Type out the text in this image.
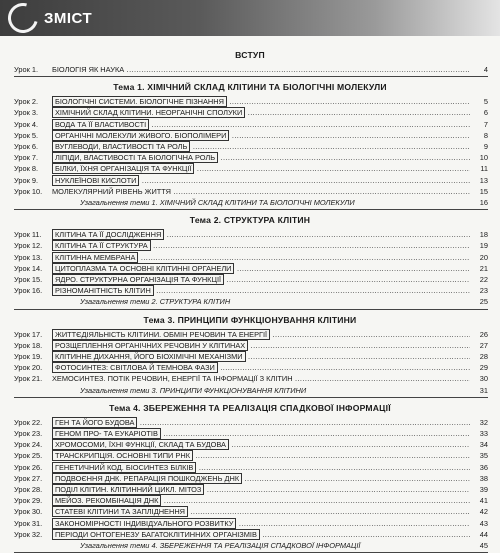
ЗМІСТ
ВСТУП
Урок 1.	БІОЛОГІЯ ЯК НАУКА .....	4
Тема 1. ХІМІЧНИЙ СКЛАД КЛІТИНИ ТА БІОЛОГІЧНІ МОЛЕКУЛИ
Урок 2.	БІОЛОГІЧНІ СИСТЕМИ. БІОЛОГІЧНЕ ПІЗНАННЯ .....	5
Урок 3.	ХІМІЧНИЙ СКЛАД КЛІТИНИ. НЕОРГАНІЧНІ СПОЛУКИ .....	6
Урок 4.	ВОДА ТА ЇЇ ВЛАСТИВОСТІ .....	7
Урок 5.	ОРГАНІЧНІ МОЛЕКУЛИ ЖИВОГО. БІОПОЛІМЕРИ .....	8
Урок 6.	ВУГЛЕВОДИ, ВЛАСТИВОСТІ ТА РОЛЬ .....	9
Урок 7.	ЛІПІДИ, ВЛАСТИВОСТІ ТА БІОЛОГІЧНА РОЛЬ .....	10
Урок 8.	БІЛКИ, ЇХНЯ ОРГАНІЗАЦІЯ ТА ФУНКЦІЇ .....	11
Урок 9.	НУКЛЕЇНОВІ КИСЛОТИ .....	13
Урок 10.	МОЛЕКУЛЯРНИЙ РІВЕНЬ ЖИТТЯ .....	15
Узагальнення теми 1. ХІМІЧНИЙ СКЛАД КЛІТИНИ ТА БІОЛОГІЧНІ МОЛЕКУЛИ	16
Тема 2. СТРУКТУРА КЛІТИН
Урок 11.	КЛІТИНА ТА ЇЇ ДОСЛІДЖЕННЯ .....	18
Урок 12.	КЛІТИНА ТА ЇЇ СТРУКТУРА .....	19
Урок 13.	КЛІТИННА МЕМБРАНА .....	20
Урок 14.	ЦИТОПЛАЗМА ТА ОСНОВНІ КЛІТИННІ ОРГАНЕЛИ .....	21
Урок 15.	ЯДРО. СТРУКТУРНА ОРГАНІЗАЦІЯ ТА ФУНКЦІЇ .....	22
Урок 16.	РІЗНОМАНІТНІСТЬ КЛІТИН .....	23
Узагальнення теми 2. СТРУКТУРА КЛІТИН	25
Тема 3. ПРИНЦИПИ ФУНКЦІОНУВАННЯ КЛІТИНИ
Урок 17.	ЖИТТЄДІЯЛЬНІСТЬ КЛІТИНИ. ОБМІН РЕЧОВИН ТА ЕНЕРГІЇ .....	26
Урок 18.	РОЗЩЕПЛЕННЯ ОРГАНІЧНИХ РЕЧОВИН У КЛІТИНАХ .....	27
Урок 19.	КЛІТИННЕ ДИХАННЯ, ЙОГО БІОХІМІЧНІ МЕХАНІЗМИ .....	28
Урок 20.	ФОТОСИНТЕЗ: СВІТЛОВА Й ТЕМНОВА ФАЗИ .....	29
Урок 21.	ХЕМОСИНТЕЗ. ПОТІК РЕЧОВИН, ЕНЕРГІЇ ТА ІНФОРМАЦІЇ З КЛІТИН .....	30
Узагальнення теми 3. ПРИНЦИПИ ФУНКЦІОНУВАННЯ КЛІТИНИ	31
Тема 4. ЗБЕРЕЖЕННЯ ТА РЕАЛІЗАЦІЯ СПАДКОВОЇ ІНФОРМАЦІЇ
Урок 22.	ГЕН ТА ЙОГО БУДОВА .....	32
Урок 23.	ГЕНОМ ПРО- ТА ЕУКАРІОТІВ .....	33
Урок 24.	ХРОМОСОМИ, ЇХНІ ФУНКЦІЇ, СКЛАД ТА БУДОВА .....	34
Урок 25.	ТРАНСКРИПЦІЯ. ОСНОВНІ ТИПИ РНК .....	35
Урок 26.	ГЕНЕТИЧНИЙ КОД. БІОСИНТЕЗ БІЛКІВ .....	36
Урок 27.	ПОДВОЄННЯ ДНК. РЕПАРАЦІЯ ПОШКОДЖЕНЬ ДНК .....	38
Урок 28.	ПОДІЛ КЛІТИН. КЛІТИННИЙ ЦИКЛ. МІТОЗ .....	39
Урок 29.	МЕЙОЗ. РЕКОМБІНАЦІЯ ДНК .....	41
Урок 30.	СТАТЕВІ КЛІТИНИ ТА ЗАПЛІДНЕННЯ .....	42
Урок 31.	ЗАКОНОМІРНОСТІ ІНДИВІДУАЛЬНОГО РОЗВИТКУ .....	43
Урок 32.	ПЕРІОДИ ОНТОГЕНЕЗУ БАГАТОКЛІТИННИХ ОРГАНІЗМІВ .....	44
Узагальнення теми 4. ЗБЕРЕЖЕННЯ ТА РЕАЛІЗАЦІЯ СПАДКОВОЇ ІНФОРМАЦІЇ	45
